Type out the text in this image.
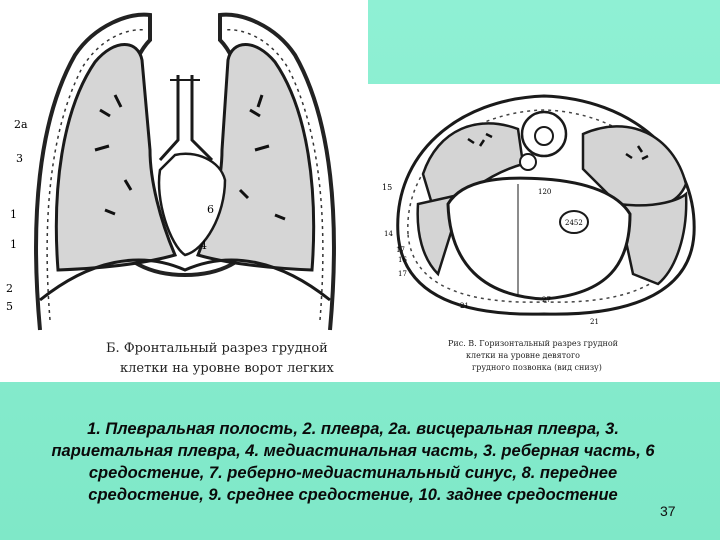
2а
3
1
1
2
5
6
4
Б. Фронтальный разрез грудной
клетки на уровне ворот легких
15
14
17
16
17
21
21
2452
120
27
Рис. В. Горизонтальный разрез грудной
клетки на уровне девятого
грудного позвонка (вид снизу)
1. Плевральная полость, 2. плевра, 2а. висцеральная плевра, 3. париетальная плевра, 4. медиастинальная часть, 3. реберная часть, 6 средостение, 7. реберно-медиастинальный синус, 8. переднее средостение, 9. среднее средостение, 10. заднее средостение
37
